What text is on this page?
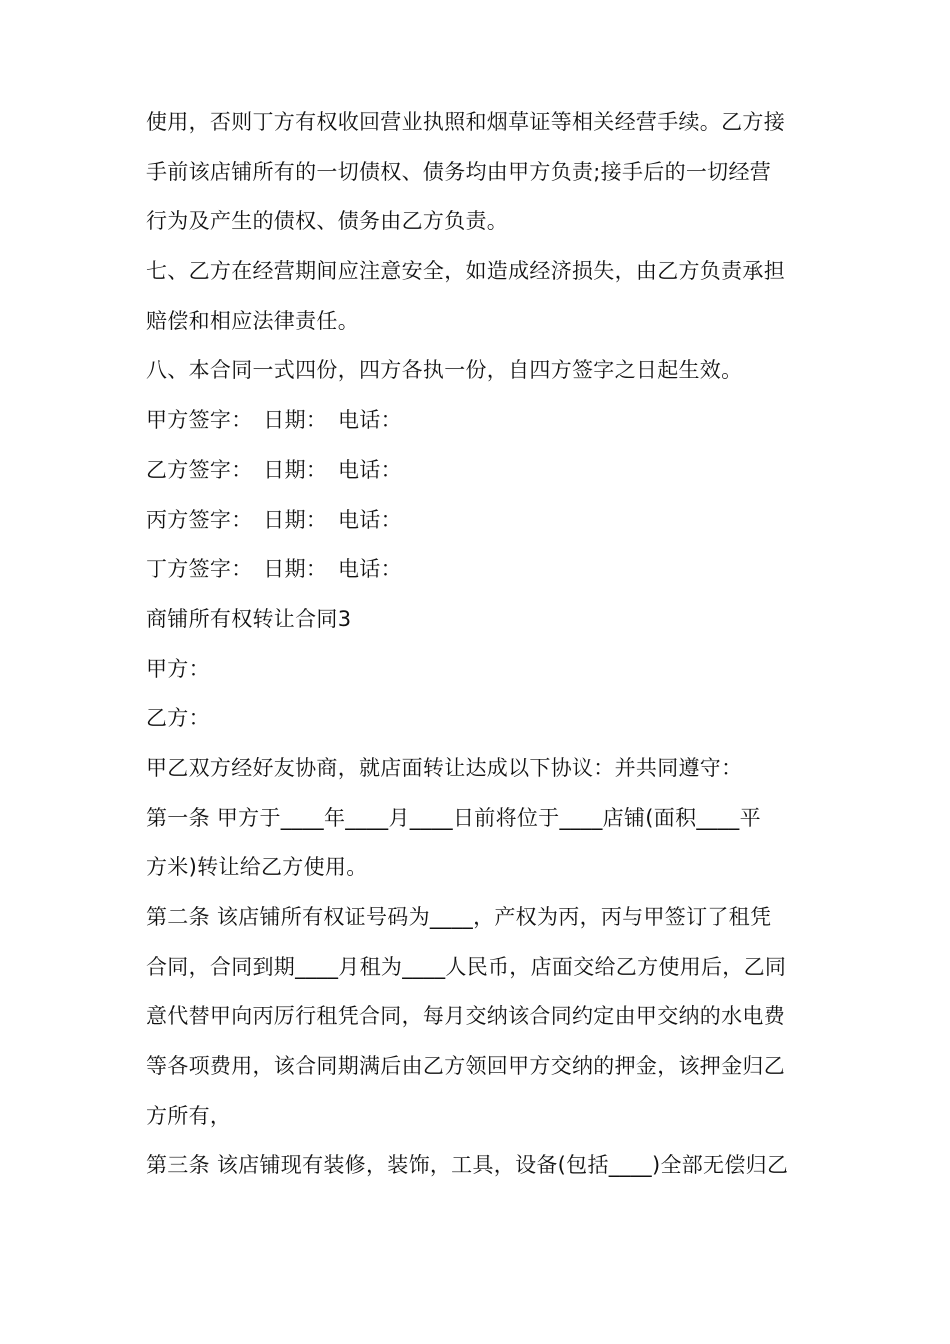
使用，否则丁方有权收回营业执照和烟草证等相关经营手续。乙方接
手前该店铺所有的一切债权、债务均由甲方负责;接手后的一切经营
行为及产生的债权、债务由乙方负责。
七、乙方在经营期间应注意安全，如造成经济损失，由乙方负责承担
赔偿和相应法律责任。
八、本合同一式四份，四方各执一份，自四方签字之日起生效。
甲方签字：　日期：　电话：
乙方签字：　日期：　电话：
丙方签字：　日期：　电话：
丁方签字：　日期：　电话：
商铺所有权转让合同3
甲方：
乙方：
甲乙双方经好友协商，就店面转让达成以下协议：并共同遵守：
第一条 甲方于____年____月____日前将位于____店铺(面积____平
方米)转让给乙方使用。
第二条 该店铺所有权证号码为____，产权为丙，丙与甲签订了租凭
合同，合同到期____月租为____人民币，店面交给乙方使用后，乙同
意代替甲向丙厉行租凭合同，每月交纳该合同约定由甲交纳的水电费
等各项费用，该合同期满后由乙方领回甲方交纳的押金，该押金归乙
方所有，
第三条 该店铺现有装修，装饰，工具，设备(包括____)全部无偿归乙
